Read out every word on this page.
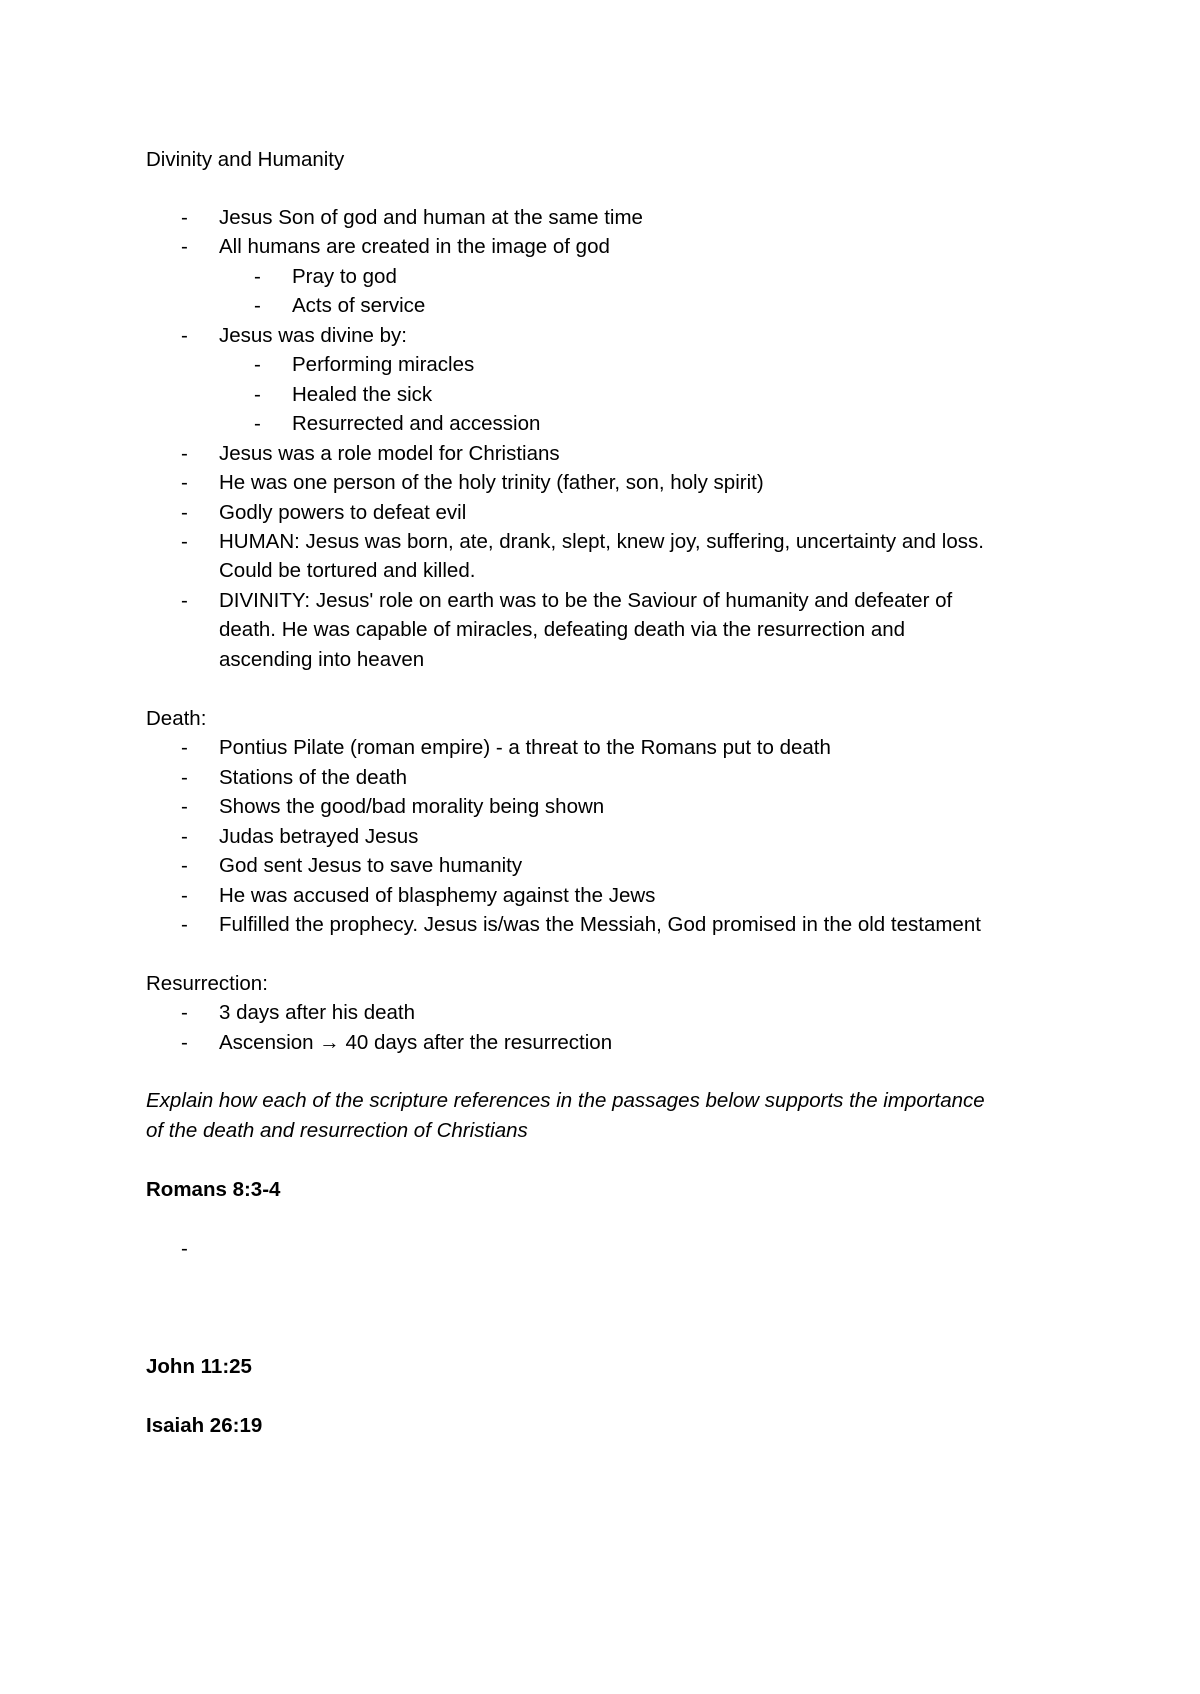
Divinity and Humanity
- Jesus Son of god and human at the same time
- All humans are created in the image of god
- Pray to god
- Acts of service
- Jesus was divine by:
- Performing miracles
- Healed the sick
- Resurrected and accession
- Jesus was a role model for Christians
- He was one person of the holy trinity (father, son, holy spirit)
- Godly powers to defeat evil
- HUMAN: Jesus was born, ate, drank, slept, knew joy, suffering, uncertainty and loss.
Could be tortured and killed.
- DIVINITY: Jesus' role on earth was to be the Saviour of humanity and defeater of
death. He was capable of miracles, defeating death via the resurrection and
ascending into heaven
Death:
- Pontius Pilate (roman empire) - a threat to the Romans put to death
- Stations of the death
- Shows the good/bad morality being shown
- Judas betrayed Jesus
- God sent Jesus to save humanity
- He was accused of blasphemy against the Jews
- Fulfilled the prophecy. Jesus is/was the Messiah, God promised in the old testament
Resurrection:
- 3 days after his death
- Ascension → 40 days after the resurrection
Explain how each of the scripture references in the passages below supports the importance
of the death and resurrection of Christians
Romans 8:3-4
-
John 11:25
Isaiah 26:19
